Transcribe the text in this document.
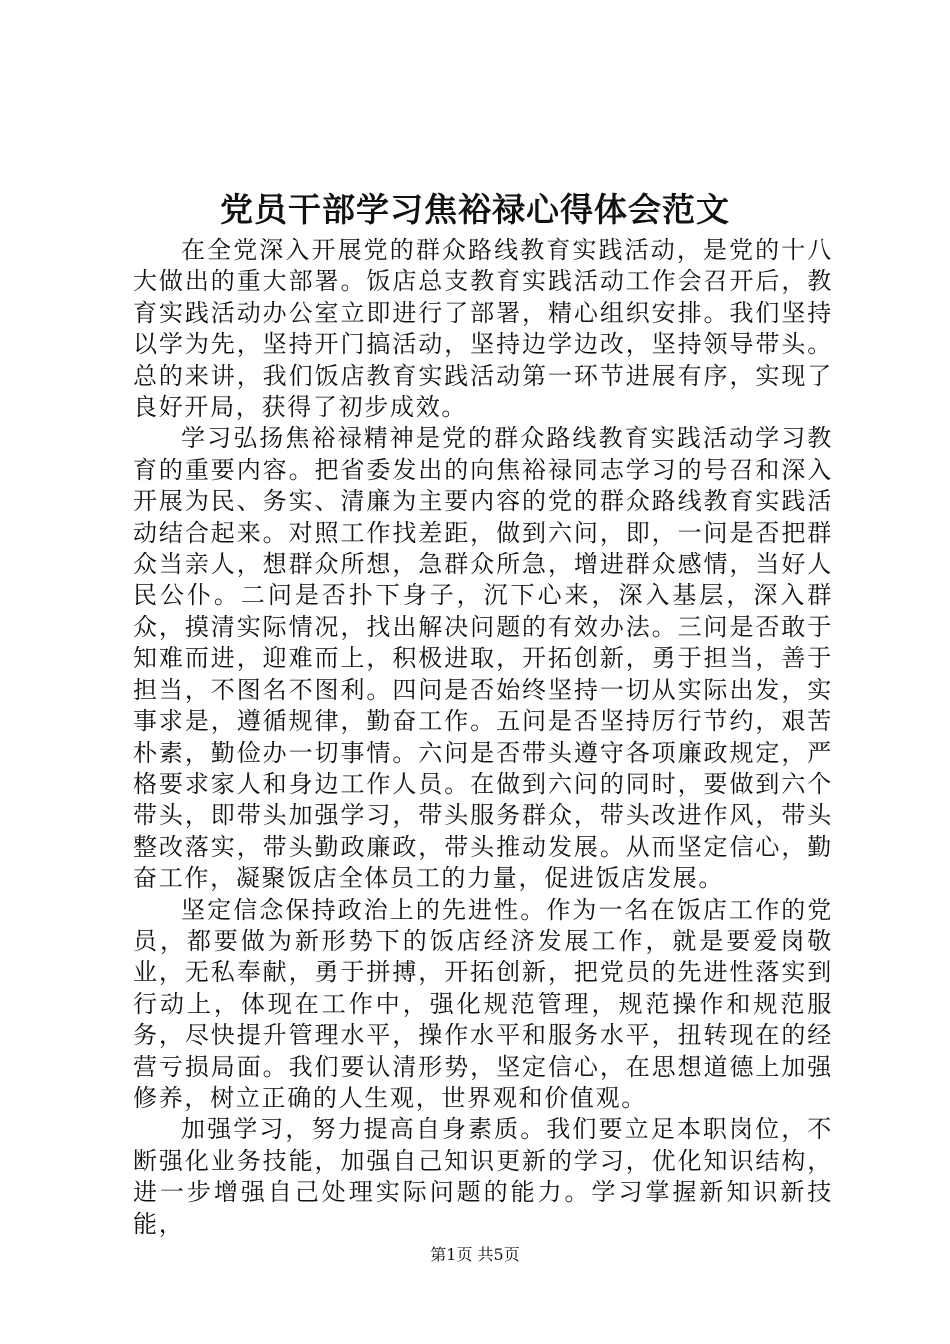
党员干部学习焦裕禄心得体会范文

在全党深入开展党的群众路线教育实践活动，是党的十八大做出的重大部署。饭店总支教育实践活动工作会召开后，教育实践活动办公室立即进行了部署，精心组织安排。我们坚持以学为先，坚持开门搞活动，坚持边学边改，坚持领导带头。总的来讲，我们饭店教育实践活动第一环节进展有序，实现了良好开局，获得了初步成效。

学习弘扬焦裕禄精神是党的群众路线教育实践活动学习教育的重要内容。把省委发出的向焦裕禄同志学习的号召和深入开展为民、务实、清廉为主要内容的党的群众路线教育实践活动结合起来。对照工作找差距，做到六问，即，一问是否把群众当亲人，想群众所想，急群众所急，增进群众感情，当好人民公仆。二问是否扑下身子，沉下心来，深入基层，深入群众，摸清实际情况，找出解决问题的有效办法。三问是否敢于知难而进，迎难而上，积极进取，开拓创新，勇于担当，善于担当，不图名不图利。四问是否始终坚持一切从实际出发，实事求是，遵循规律，勤奋工作。五问是否坚持厉行节约，艰苦朴素，勤俭办一切事情。六问是否带头遵守各项廉政规定，严格要求家人和身边工作人员。在做到六问的同时，要做到六个带头，即带头加强学习，带头服务群众，带头改进作风，带头整改落实，带头勤政廉政，带头推动发展。从而坚定信心，勤奋工作，凝聚饭店全体员工的力量，促进饭店发展。

坚定信念保持政治上的先进性。作为一名在饭店工作的党员，都要做为新形势下的饭店经济发展工作，就是要爱岗敬业，无私奉献，勇于拼搏，开拓创新，把党员的先进性落实到行动上，体现在工作中，强化规范管理，规范操作和规范服务，尽快提升管理水平，操作水平和服务水平，扭转现在的经营亏损局面。我们要认清形势，坚定信心，在思想道德上加强修养，树立正确的人生观，世界观和价值观。

加强学习，努力提高自身素质。我们要立足本职岗位，不断强化业务技能，加强自己知识更新的学习，优化知识结构，进一步增强自己处理实际问题的能力。学习掌握新知识新技能，

第1页 共5页
